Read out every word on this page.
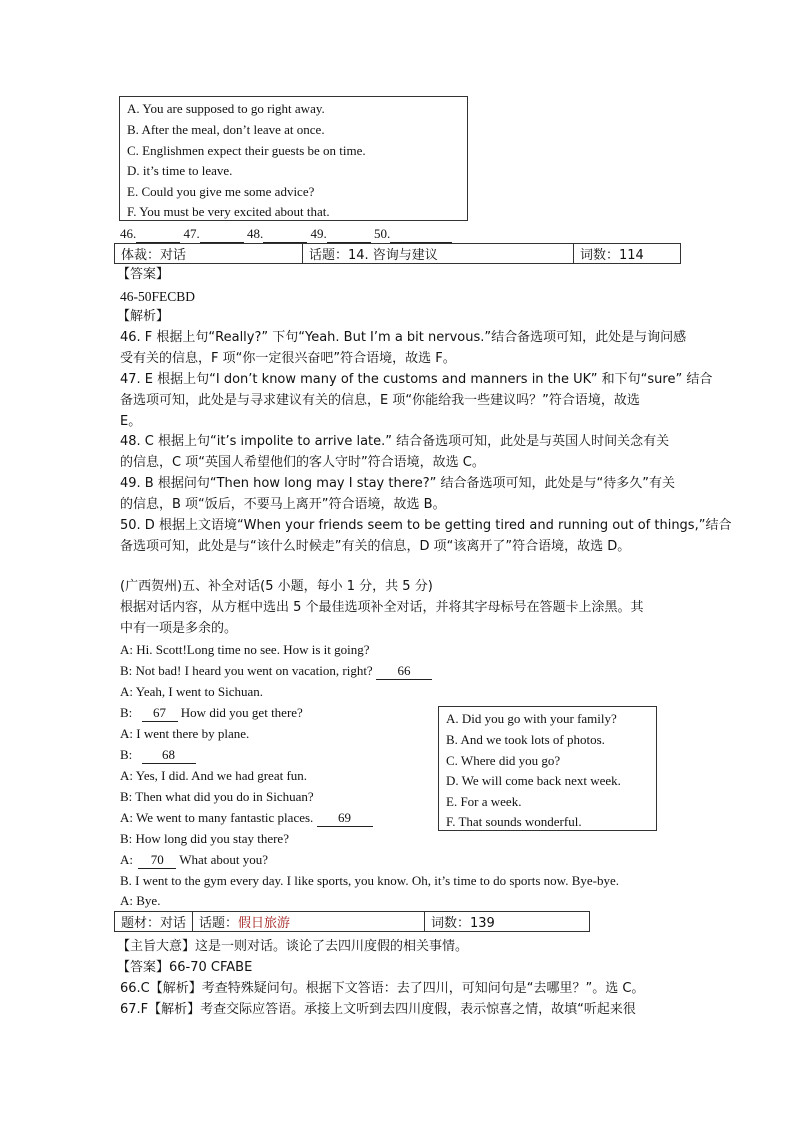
A. You are supposed to go right away.
B. After the meal, don’t leave at once.
C. Englishmen expect their guests be on time.
D. it’s time to leave.
E. Could you give me some advice?
F. You must be very excited about that.
46.	47.	48.	49.	50.
体裁：对话	话题：14. 咨询与建议	词数：114
【答案】
46-50FECBD
【解析】
46. F 根据上句“Really?” 下句“Yeah. But I’m a bit nervous.”结合备选项可知，此处是与询问感
受有关的信息，F 项“你一定很兴奋吧”符合语境，故选 F。
47. E 根据上句“I don’t know many of the customs and manners in the UK” 和下句“sure” 结合
备选项可知，此处是与寻求建议有关的信息，E 项“你能给我一些建议吗？”符合语境，故选
E。
48. C 根据上句“it’s impolite to arrive late.” 结合备选项可知，此处是与英国人时间关念有关
的信息，C 项“英国人希望他们的客人守时”符合语境，故选 C。
49. B 根据问句“Then how long may I stay there?” 结合备选项可知，此处是与“待多久”有关
的信息，B 项“饭后，不要马上离开”符合语境，故选 B。
50. D 根据上文语境“When your friends seem to be getting tired and running out of things,”结合
备选项可知，此处是与“该什么时候走”有关的信息，D 项“该离开了”符合语境，故选 D。
(广西贺州)五、补全对话(5 小题，每小 1 分，共 5 分)
根据对话内容，从方框中选出 5 个最佳选项补全对话，并将其字母标号在答题卡上涂黑。其
中有一项是多余的。
A: Hi. Scott!Long time no see. How is it going?
B: Not bad! I heard you went on vacation, right? 66
A: Yeah, I went to Sichuan.
B: 67 How did you get there?
A: I went there by plane.
B: 68
A: Yes, I did. And we had great fun.
B: Then what did you do in Sichuan?
A: We went to many fantastic places. 69
B: How long did you stay there?
A: 70 What about you?
B. I went to the gym every day. I like sports, you know. Oh, it’s time to do sports now. Bye-bye.
A: Bye.
A. Did you go with your family?
B. And we took lots of photos.
C. Where did you go?
D. We will come back next week.
E. For a week.
F. That sounds wonderful.
题材：对话	话题：假日旅游	词数：139
【主旨大意】这是一则对话。谈论了去四川度假的相关事情。
【答案】66-70 CFABE
66.C【解析】考查特殊疑问句。根据下文答语：去了四川，可知问句是“去哪里？”。选 C。
67.F【解析】考查交际应答语。承接上文听到去四川度假，表示惊喜之情，故填“听起来很
